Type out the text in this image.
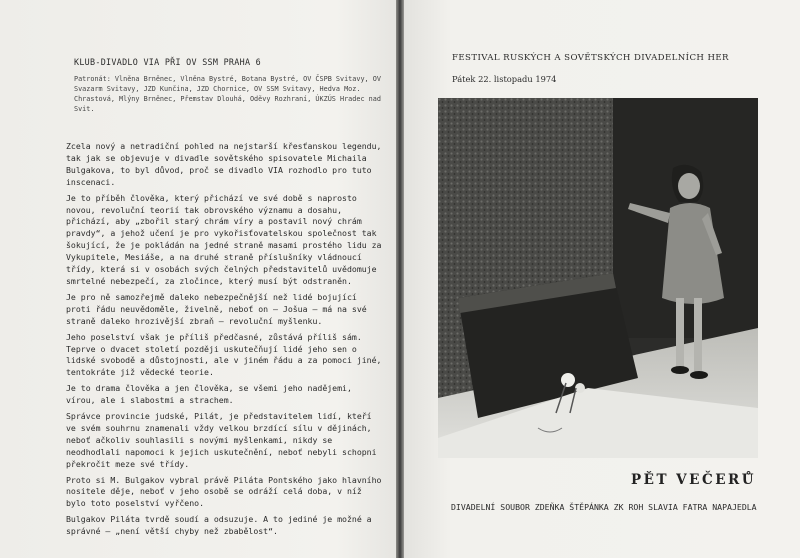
KLUB-DIVADLO VIA PŘI OV SSM PRAHA 6
Patronát: Vlněna Brněnec, Vlněna Bystré, Botana Bystré, OV ČSPB Svitavy, OV Svazarm Svitavy, JZD Kunčina, JZD Chornice, OV SSM Svitavy, Hedva Moz. Chrastová, Mlýny Brněnec, Přemstav Dlouhá, Oděvy Rozhraní, ÚKZÚS Hradec nad Svit.

Zcela nový a netradiční pohled na nejstarší křesťanskou legendu, tak jak se objevuje v divadle sovětského spisovatele Michaila Bulgakova, to byl důvod, proč se divadlo VIA rozhodlo pro tuto inscenaci.

Je to příběh člověka, který přichází ve své době s naprosto novou, revoluční teorií tak obrovského významu a dosahu, přichází, aby „zbořil starý chrám víry a postavil nový chrám pravdy“, a jehož učení je pro vykořisťovatelskou společnost tak šokující, že je pokládán na jedné straně masami prostého lidu za Vykupitele, Mesiáše, a na druhé straně příslušníky vládnoucí třídy, která si v osobách svých čelných představitelů uvědomuje smrtelné nebezpečí, za zločince, který musí být odstraněn.

Je pro ně samozřejmě daleko nebezpečnější než lidé bojující proti řádu neuvědoměle, živelně, neboť on — Jošua — má na své straně daleko hrozivější zbraň — revoluční myšlenku.

Jeho poselství však je příliš předčasné, zůstává příliš sám. Teprve o dvacet století později uskutečňují lidé jeho sen o lidské svobodě a důstojnosti, ale v jiném řádu a za pomoci jiné, tentokráte již vědecké teorie.

Je to drama člověka a jen člověka, se všemi jeho nadějemi, vírou, ale i slabostmi a strachem.

Správce provincie judské, Pilát, je představitelem lidí, kteří ve svém souhrnu znamenali vždy velkou brzdící sílu v dějinách, neboť ačkoliv souhlasili s novými myšlenkami, nikdy se neodhodlali napomoci k jejich uskutečnění, neboť nebyli schopni překročit meze své třídy.

Proto si M. Bulgakov vybral právě Piláta Pontského jako hlavního nositele děje, neboť v jeho osobě se odráží celá doba, v níž bylo toto poselství vyřčeno.

Bulgakov Piláta tvrdě soudí a odsuzuje. A to jediné je možné a správné — „není větší chyby než zbabělost“.

FESTIVAL RUSKÝCH A SOVĚTSKÝCH DIVADELNÍCH HER
Pátek 22. listopadu 1974
PĚT VEČERŮ
DIVADELNÍ SOUBOR ZDEŇKA ŠTĚPÁNKA ZK ROH SLAVIA FATRA NAPAJEDLA
